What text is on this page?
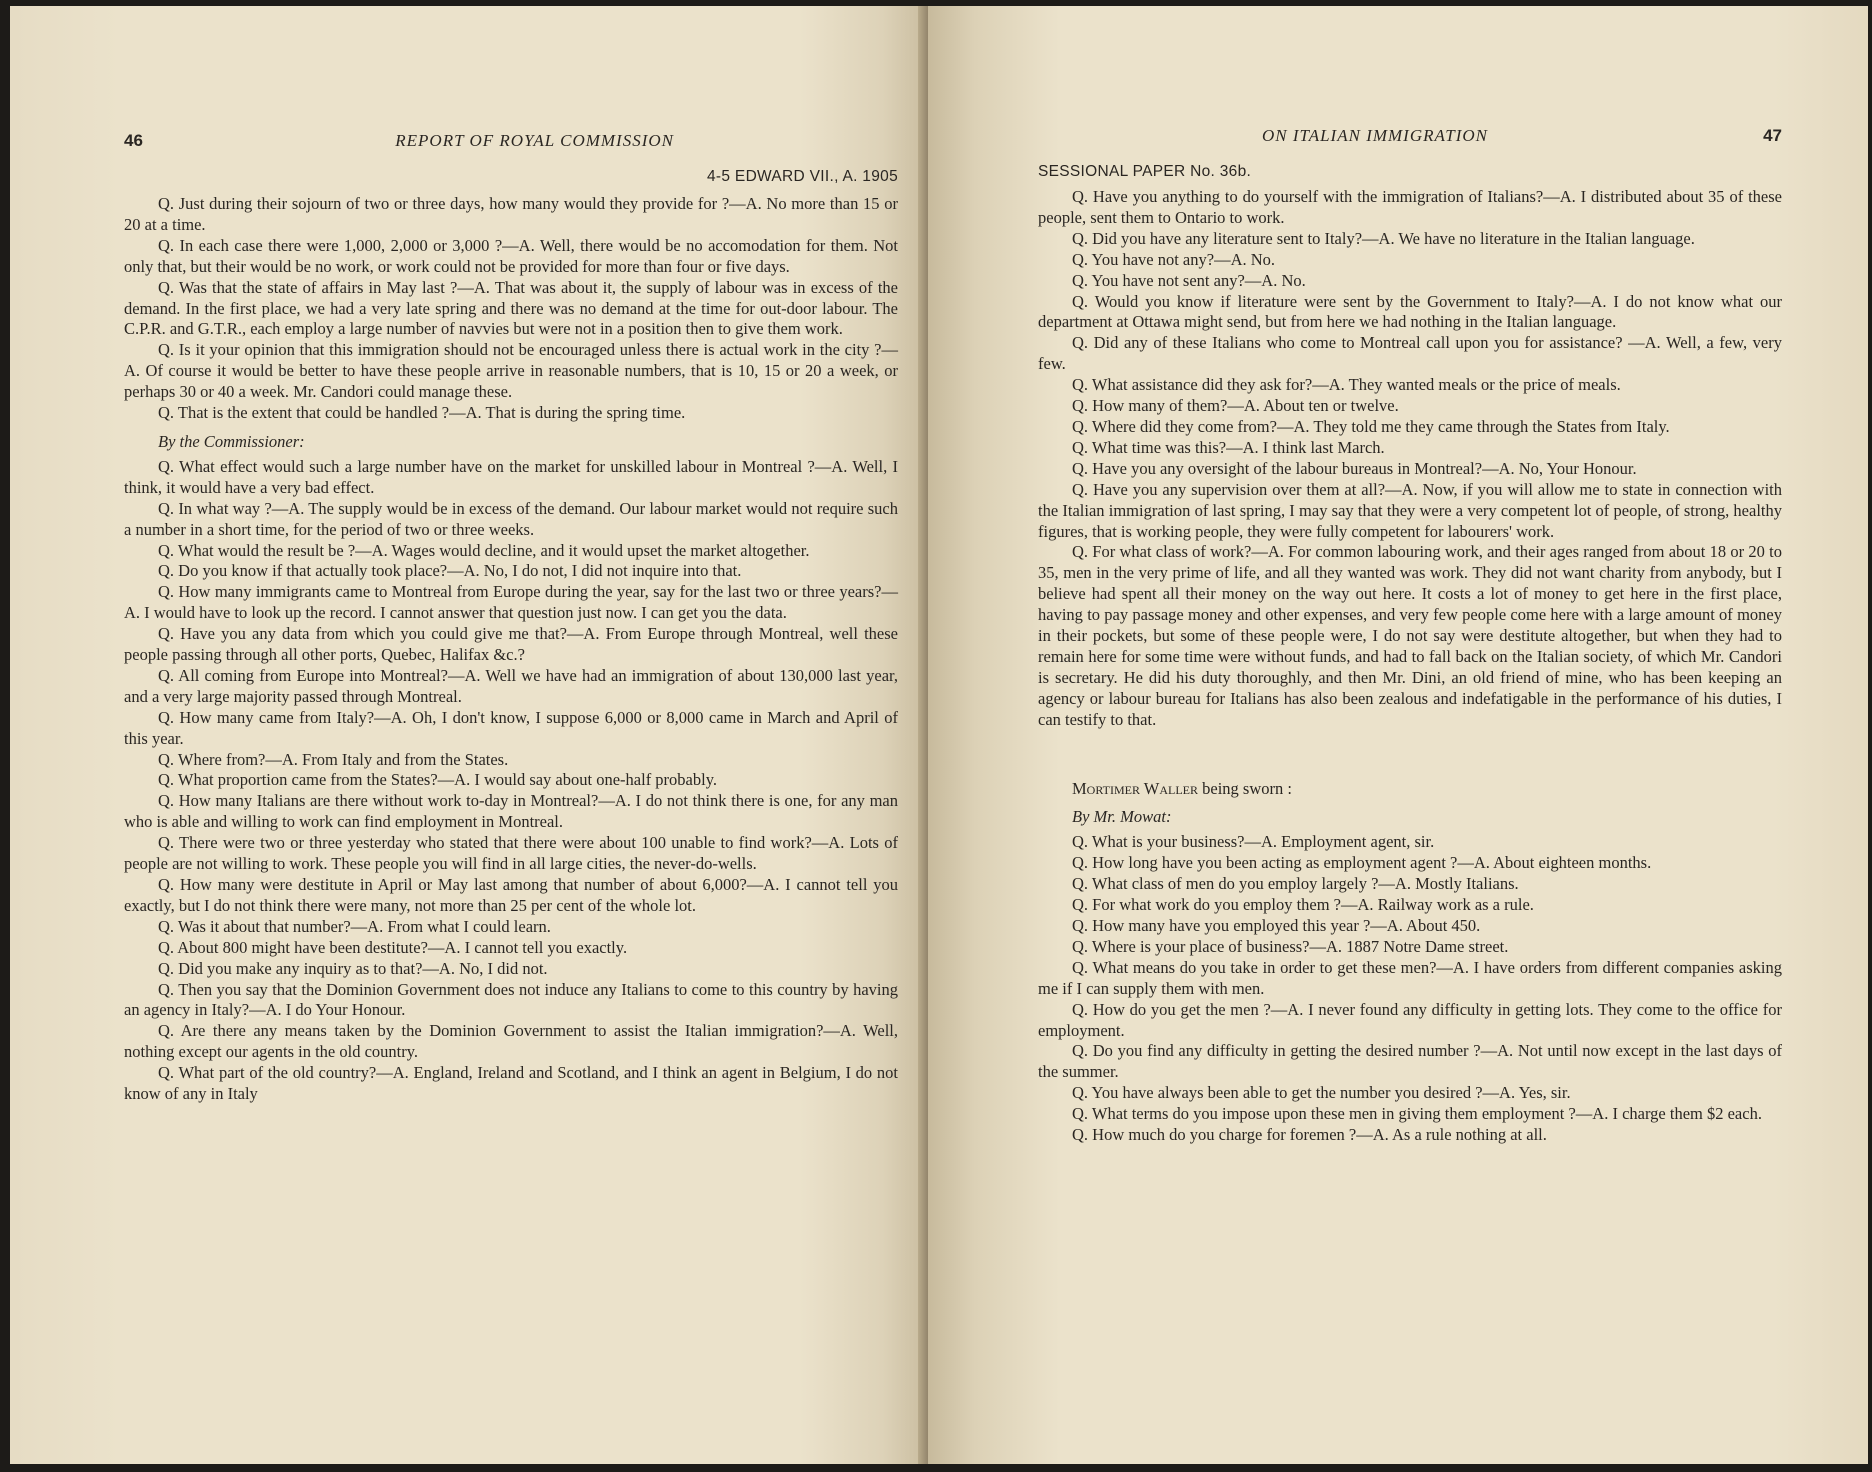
46	REPORT OF ROYAL COMMISSION
4-5 EDWARD VII., A. 1905

Q. Just during their sojourn of two or three days, how many would they provide for ?—A. No more than 15 or 20 at a time.

Q. In each case there were 1,000, 2,000 or 3,000 ?—A. Well, there would be no accomodation for them. Not only that, but their would be no work, or work could not be provided for more than four or five days.

Q. Was that the state of affairs in May last ?—A. That was about it, the supply of labour was in excess of the demand. In the first place, we had a very late spring and there was no demand at the time for out-door labour. The C.P.R. and G.T.R., each employ a large number of navvies but were not in a position then to give them work.

Q. Is it your opinion that this immigration should not be encouraged unless there is actual work in the city ?—A. Of course it would be better to have these people arrive in reasonable numbers, that is 10, 15 or 20 a week, or perhaps 30 or 40 a week. Mr. Candori could manage these.

Q. That is the extent that could be handled ?—A. That is during the spring time.

By the Commissioner:

Q. What effect would such a large number have on the market for unskilled labour in Montreal ?—A. Well, I think, it would have a very bad effect.

Q. In what way ?—A. The supply would be in excess of the demand. Our labour market would not require such a number in a short time, for the period of two or three weeks.

Q. What would the result be ?—A. Wages would decline, and it would upset the market altogether.

Q. Do you know if that actually took place?—A. No, I do not, I did not inquire into that.

Q. How many immigrants came to Montreal from Europe during the year, say for the last two or three years?—A. I would have to look up the record. I cannot answer that question just now. I can get you the data.

Q. Have you any data from which you could give me that?—A. From Europe through Montreal, well these people passing through all other ports, Quebec, Halifax &c.?

Q. All coming from Europe into Montreal?—A. Well we have had an immigration of about 130,000 last year, and a very large majority passed through Montreal.

Q. How many came from Italy?—A. Oh, I don't know, I suppose 6,000 or 8,000 came in March and April of this year.

Q. Where from?—A. From Italy and from the States.

Q. What proportion came from the States?—A. I would say about one-half probably.

Q. How many Italians are there without work to-day in Montreal?—A. I do not think there is one, for any man who is able and willing to work can find employment in Montreal.

Q. There were two or three yesterday who stated that there were about 100 unable to find work?—A. Lots of people are not willing to work. These people you will find in all large cities, the never-do-wells.

Q. How many were destitute in April or May last among that number of about 6,000?—A. I cannot tell you exactly, but I do not think there were many, not more than 25 per cent of the whole lot.

Q. Was it about that number?—A. From what I could learn.

Q. About 800 might have been destitute?—A. I cannot tell you exactly.

Q. Did you make any inquiry as to that?—A. No, I did not.

Q. Then you say that the Dominion Government does not induce any Italians to come to this country by having an agency in Italy?—A. I do Your Honour.

Q. Are there any means taken by the Dominion Government to assist the Italian immigration?—A. Well, nothing except our agents in the old country.

Q. What part of the old country?—A. England, Ireland and Scotland, and I think an agent in Belgium, I do not know of any in Italy

ON ITALIAN IMMIGRATION	47
SESSIONAL PAPER No. 36b.

Q. Have you anything to do yourself with the immigration of Italians?—A. I distributed about 35 of these people, sent them to Ontario to work.

Q. Did you have any literature sent to Italy?—A. We have no literature in the Italian language.

Q. You have not any?—A. No.

Q. You have not sent any?—A. No.

Q. Would you know if literature were sent by the Government to Italy?—A. I do not know what our department at Ottawa might send, but from here we had nothing in the Italian language.

Q. Did any of these Italians who come to Montreal call upon you for assistance? —A. Well, a few, very few.

Q. What assistance did they ask for?—A. They wanted meals or the price of meals.

Q. How many of them?—A. About ten or twelve.

Q. Where did they come from?—A. They told me they came through the States from Italy.

Q. What time was this?—A. I think last March.

Q. Have you any oversight of the labour bureaus in Montreal?—A. No, Your Honour.

Q. Have you any supervision over them at all?—A. Now, if you will allow me to state in connection with the Italian immigration of last spring, I may say that they were a very competent lot of people, of strong, healthy figures, that is working people, they were fully competent for labourers' work.

Q. For what class of work?—A. For common labouring work, and their ages ranged from about 18 or 20 to 35, men in the very prime of life, and all they wanted was work. They did not want charity from anybody, but I believe had spent all their money on the way out here. It costs a lot of money to get here in the first place, having to pay passage money and other expenses, and very few people come here with a large amount of money in their pockets, but some of these people were, I do not say were destitute altogether, but when they had to remain here for some time were without funds, and had to fall back on the Italian society, of which Mr. Candori is secretary. He did his duty thoroughly, and then Mr. Dini, an old friend of mine, who has been keeping an agency or labour bureau for Italians has also been zealous and indefatigable in the performance of his duties, I can testify to that.

Mortimer Waller being sworn :

By Mr. Mowat:

Q. What is your business?—A. Employment agent, sir.

Q. How long have you been acting as employment agent ?—A. About eighteen months.

Q. What class of men do you employ largely ?—A. Mostly Italians.

Q. For what work do you employ them ?—A. Railway work as a rule.

Q. How many have you employed this year ?—A. About 450.

Q. Where is your place of business?—A. 1887 Notre Dame street.

Q. What means do you take in order to get these men?—A. I have orders from different companies asking me if I can supply them with men.

Q. How do you get the men ?—A. I never found any difficulty in getting lots. They come to the office for employment.

Q. Do you find any difficulty in getting the desired number ?—A. Not until now except in the last days of the summer.

Q. You have always been able to get the number you desired ?—A. Yes, sir.

Q. What terms do you impose upon these men in giving them employment ?—A. I charge them $2 each.

Q. How much do you charge for foremen ?—A. As a rule nothing at all.
